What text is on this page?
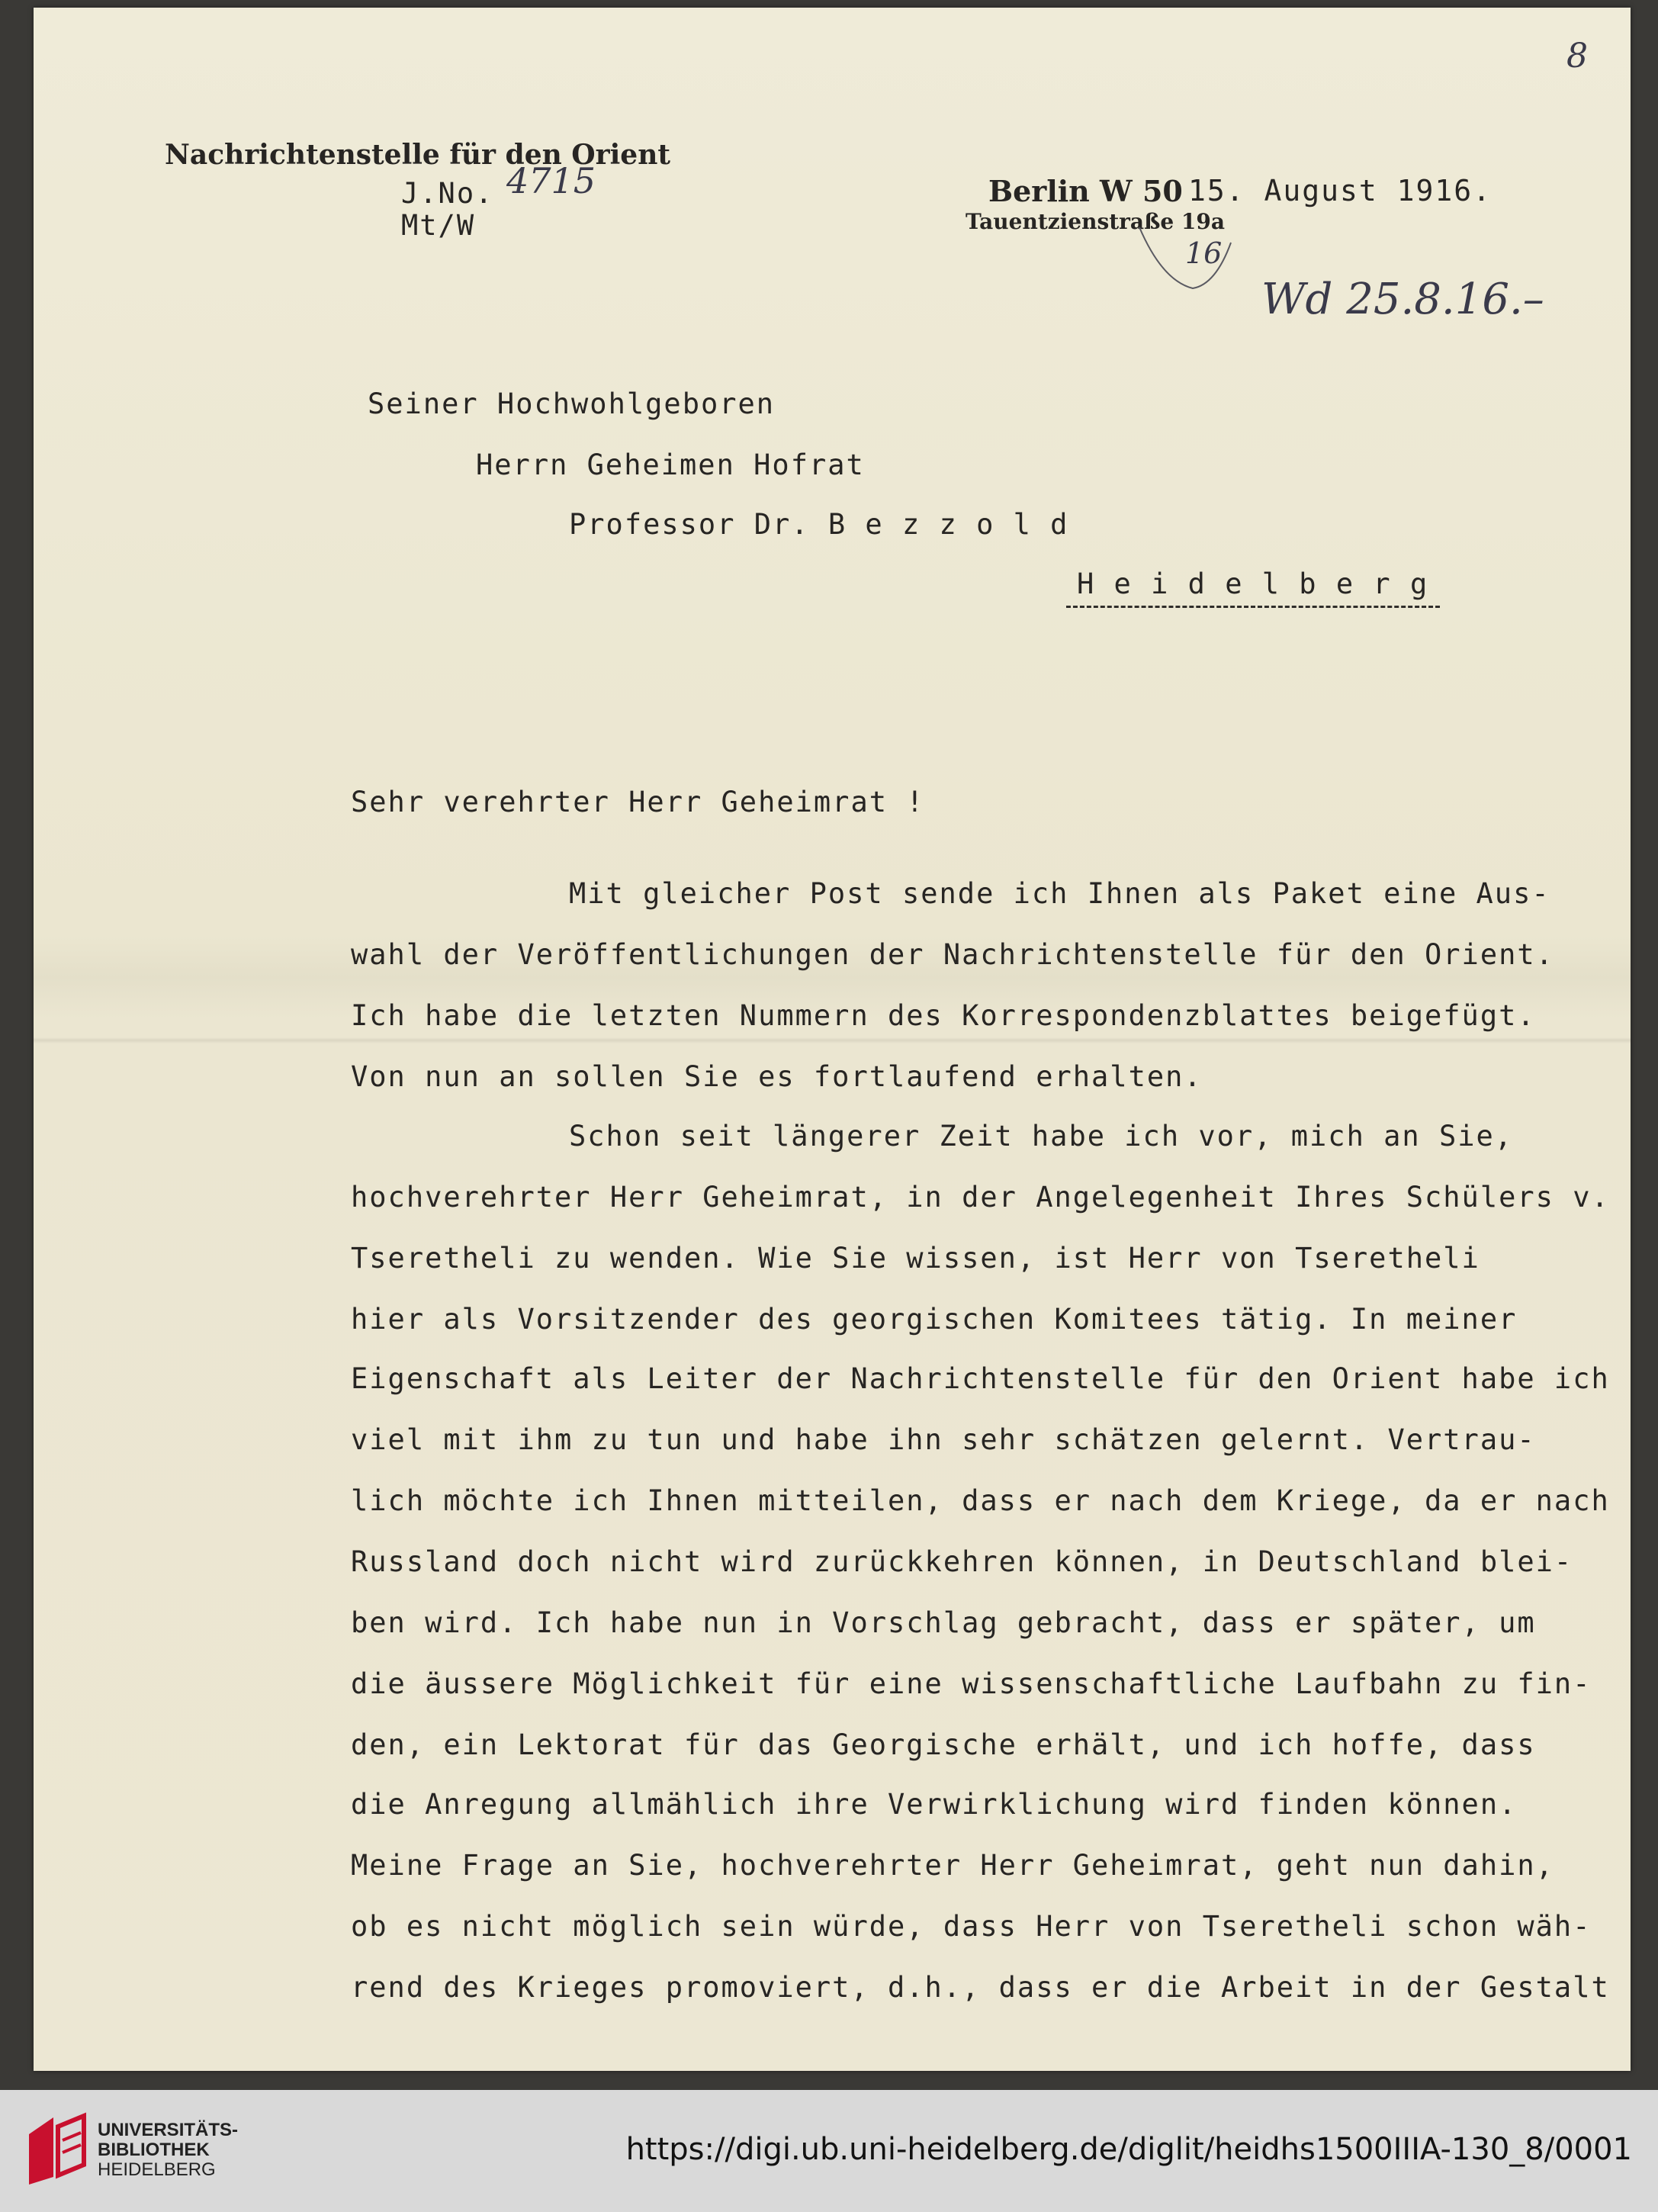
8
Nachrichtenstelle für den Orient
J.No. 4715
Mt/W
Berlin W 50 15. August 1916.
Tauentzienstraße 19a
16
Wd 25.8.16.–
Seiner Hochwohlgeboren
Herrn Geheimen Hofrat
Professor Dr. B e z z o l d
H e i d e l b e r g
Sehr verehrter Herr Geheimrat !
Mit gleicher Post sende ich Ihnen als Paket eine Aus-
wahl der Veröffentlichungen der Nachrichtenstelle für den Orient.
Ich habe die letzten Nummern des Korrespondenzblattes beigefügt.
Von nun an sollen Sie es fortlaufend erhalten.
Schon seit längerer Zeit habe ich vor, mich an Sie,
hochverehrter Herr Geheimrat, in der Angelegenheit Ihres Schülers v.
Tseretheli zu wenden. Wie Sie wissen, ist Herr von Tseretheli
hier als Vorsitzender des georgischen Komitees tätig. In meiner
Eigenschaft als Leiter der Nachrichtenstelle für den Orient habe ich
viel mit ihm zu tun und habe ihn sehr schätzen gelernt. Vertrau-
lich möchte ich Ihnen mitteilen, dass er nach dem Kriege, da er nach
Russland doch nicht wird zurückkehren können, in Deutschland blei-
ben wird. Ich habe nun in Vorschlag gebracht, dass er später, um
die äussere Möglichkeit für eine wissenschaftliche Laufbahn zu fin-
den, ein Lektorat für das Georgische erhält, und ich hoffe, dass
die Anregung allmählich ihre Verwirklichung wird finden können.
Meine Frage an Sie, hochverehrter Herr Geheimrat, geht nun dahin,
ob es nicht möglich sein würde, dass Herr von Tseretheli schon wäh-
rend des Krieges promoviert, d.h., dass er die Arbeit in der Gestalt
UNIVERSITÄTS-
BIBLIOTHEK
HEIDELBERG
https://digi.ub.uni-heidelberg.de/diglit/heidhs1500IIIA-130_8/0001
